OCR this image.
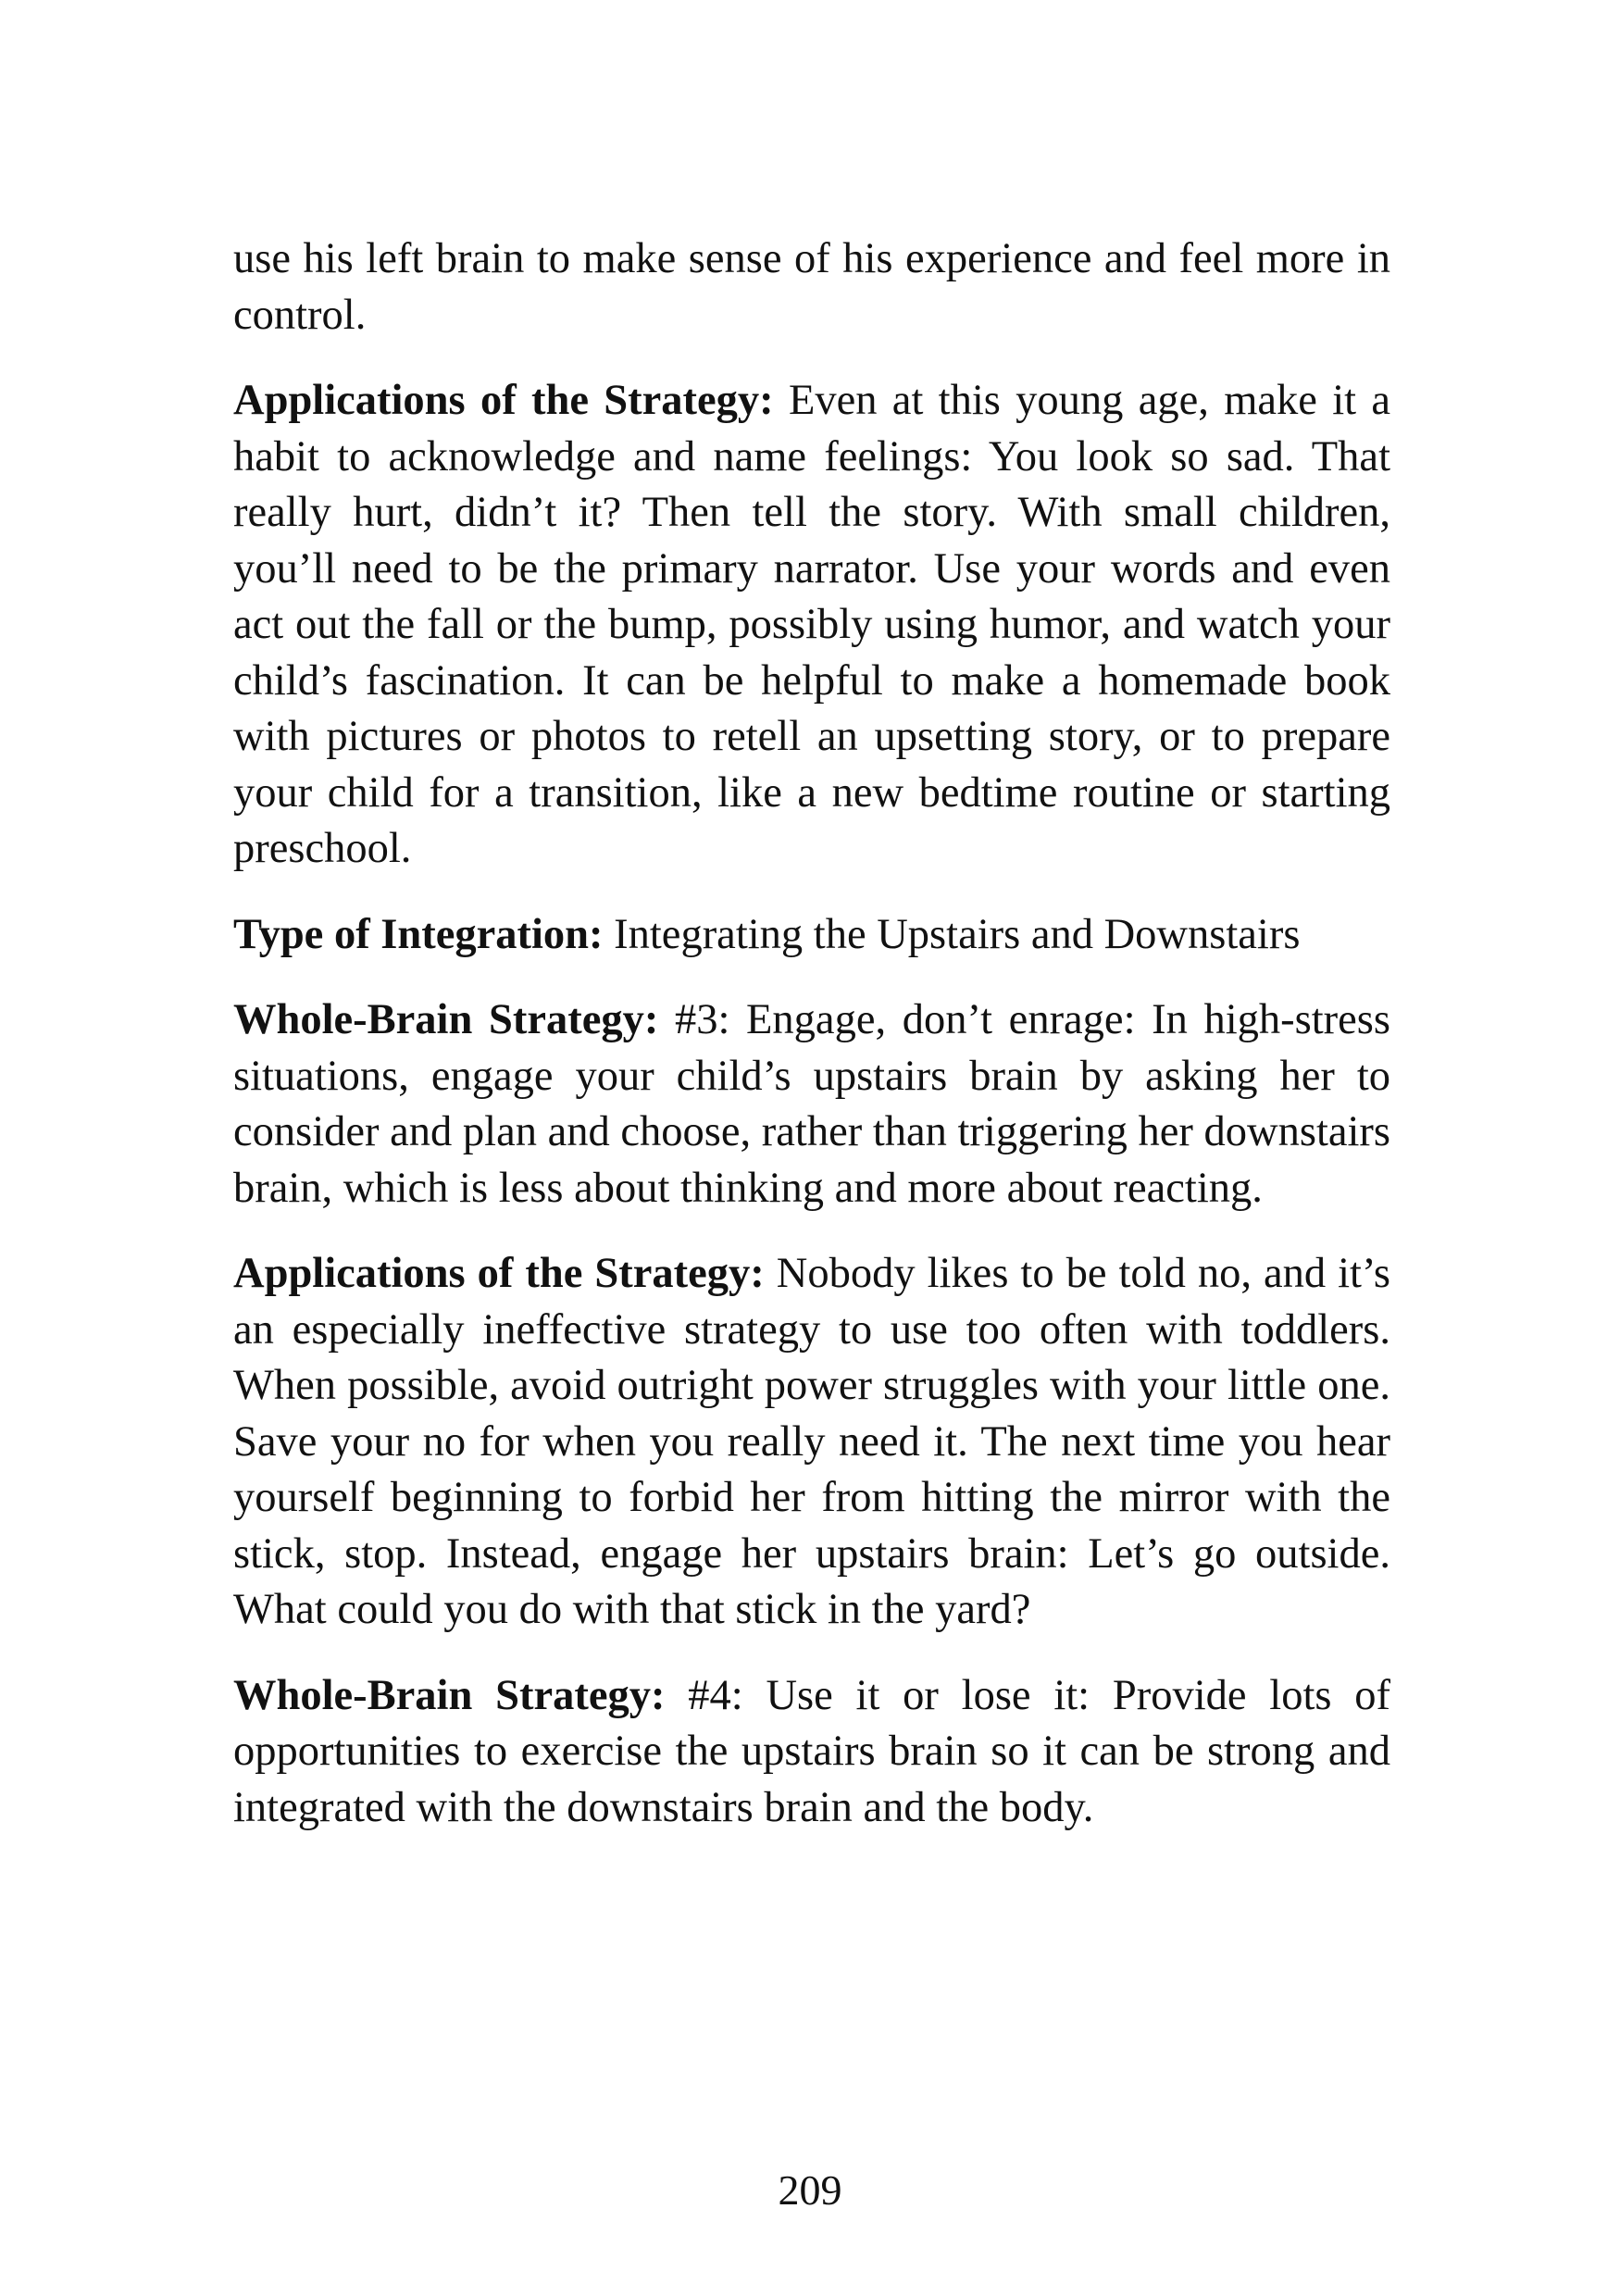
use his left brain to make sense of his experience and feel more in control.

Applications of the Strategy: Even at this young age, make it a habit to acknowledge and name feelings: You look so sad. That really hurt, didn’t it? Then tell the story. With small children, you’ll need to be the primary narrator. Use your words and even act out the fall or the bump, possibly using humor, and watch your child’s fascination. It can be helpful to make a homemade book with pictures or photos to retell an upsetting story, or to prepare your child for a transition, like a new bedtime routine or starting preschool.

Type of Integration: Integrating the Upstairs and Downstairs

Whole-Brain Strategy: #3: Engage, don’t enrage: In high-stress situations, engage your child’s upstairs brain by asking her to consider and plan and choose, rather than triggering her downstairs brain, which is less about thinking and more about reacting.

Applications of the Strategy: Nobody likes to be told no, and it’s an especially ineffective strategy to use too often with toddlers. When possible, avoid outright power struggles with your little one. Save your no for when you really need it. The next time you hear yourself beginning to forbid her from hitting the mirror with the stick, stop. Instead, engage her upstairs brain: Let’s go outside. What could you do with that stick in the yard?

Whole-Brain Strategy: #4: Use it or lose it: Provide lots of opportunities to exercise the upstairs brain so it can be strong and integrated with the downstairs brain and the body.

209
